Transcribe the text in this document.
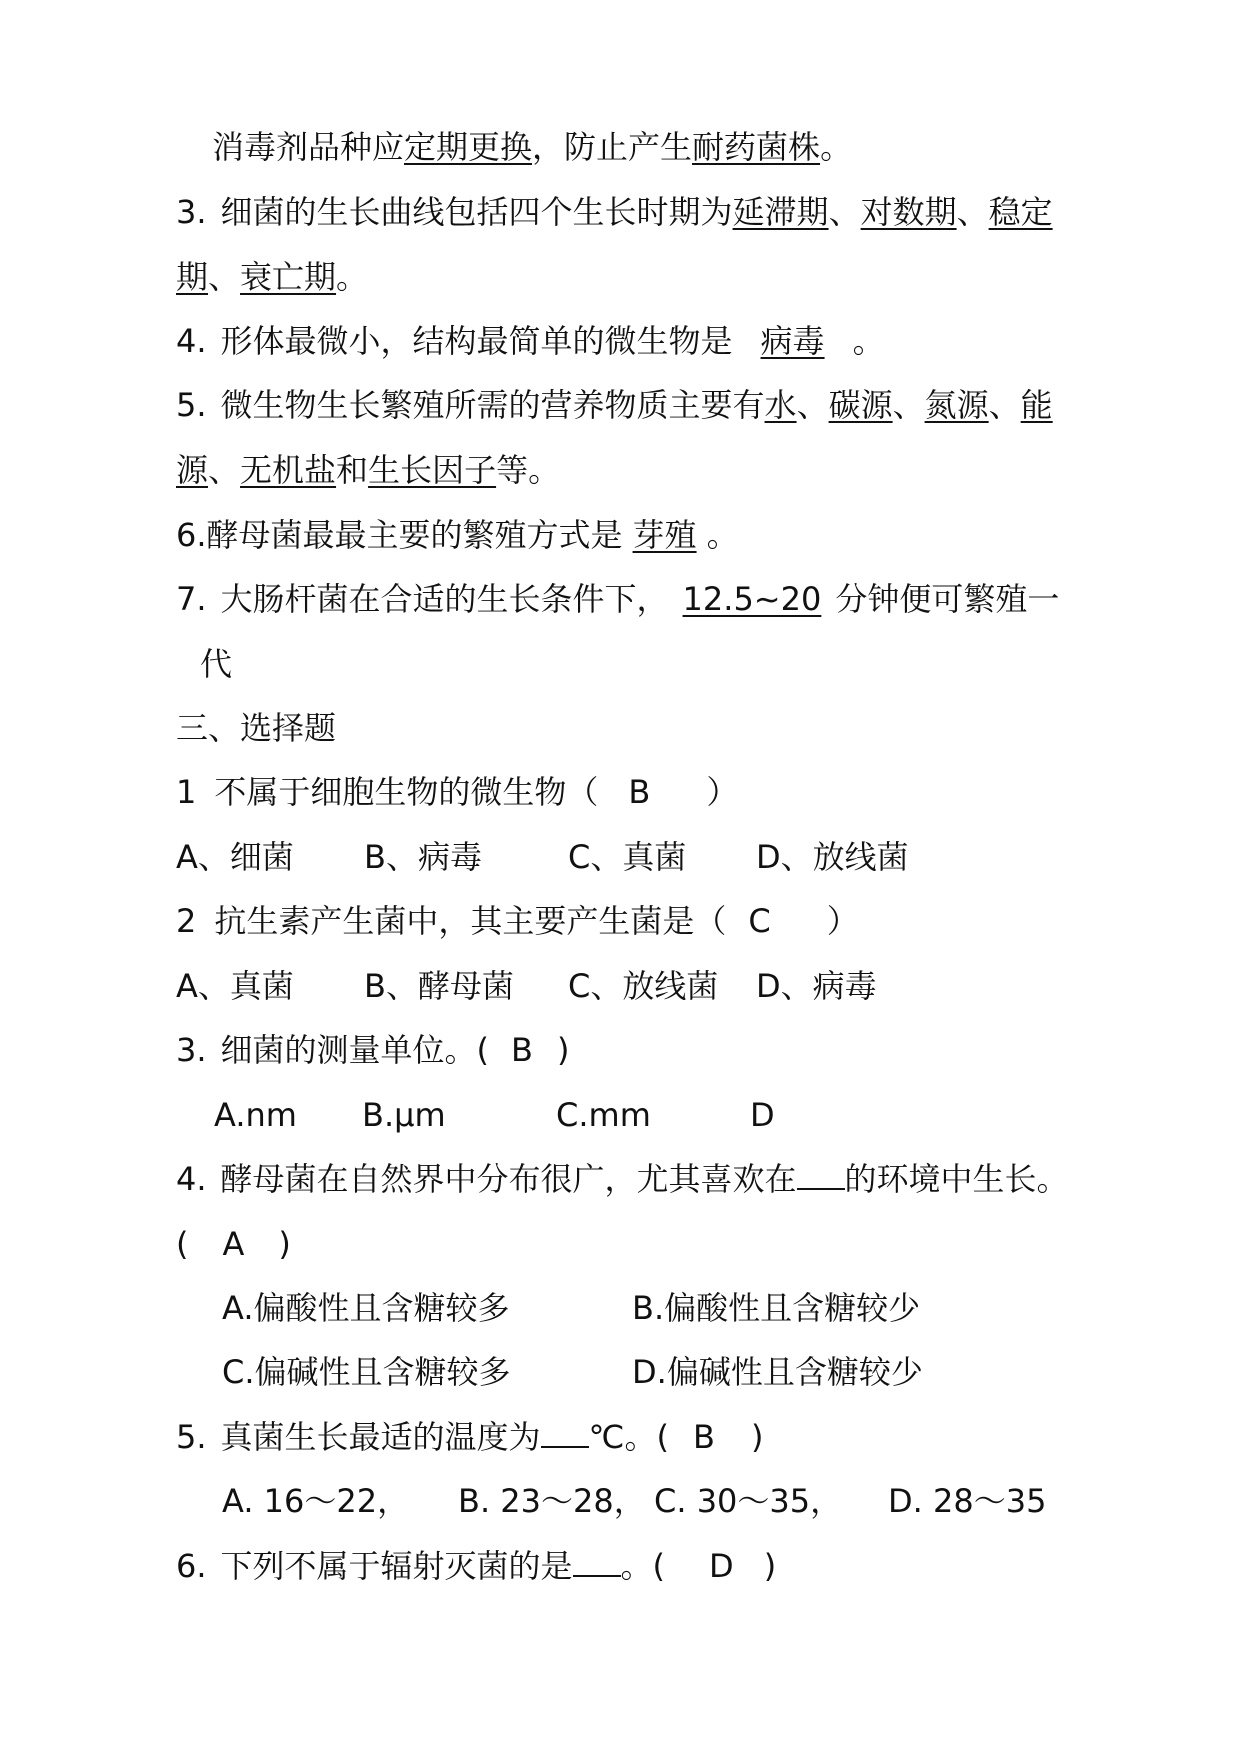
消毒剂品种应定期更换，防止产生耐药菌株。
3. 细菌的生长曲线包括四个生长时期为延滞期、对数期、稳定
期、衰亡期。
4. 形体最微小，结构最简单的微生物是 病毒 。
5. 微生物生长繁殖所需的营养物质主要有水、碳源、氮源、能
源、无机盐和生长因子等。
6.酵母菌最最主要的繁殖方式是 芽殖 。
7. 大肠杆菌在合适的生长条件下， 12.5~20 分钟便可繁殖一
代
三、选择题
1 不属于细胞生物的微生物（ B ）
A、细菌 B、病毒	C、真菌 D、放线菌
2 抗生素产生菌中，其主要产生菌是（ C ）
A、真菌 B、酵母菌 C、放线菌 D、病毒
3. 细菌的测量单位。( B )
A.nm B.μm	C.mm	D
4. 酵母菌在自然界中分布很广，尤其喜欢在 的环境中生长。
( A )
A.偏酸性且含糖较多	B.偏酸性且含糖较少
C.偏碱性且含糖较多	D.偏碱性且含糖较少
5. 真菌生长最适的温度为 ℃。( B )
A. 16～22， B. 23～28， C. 30～35， D. 28～35
6. 下列不属于辐射灭菌的是 。( D )
